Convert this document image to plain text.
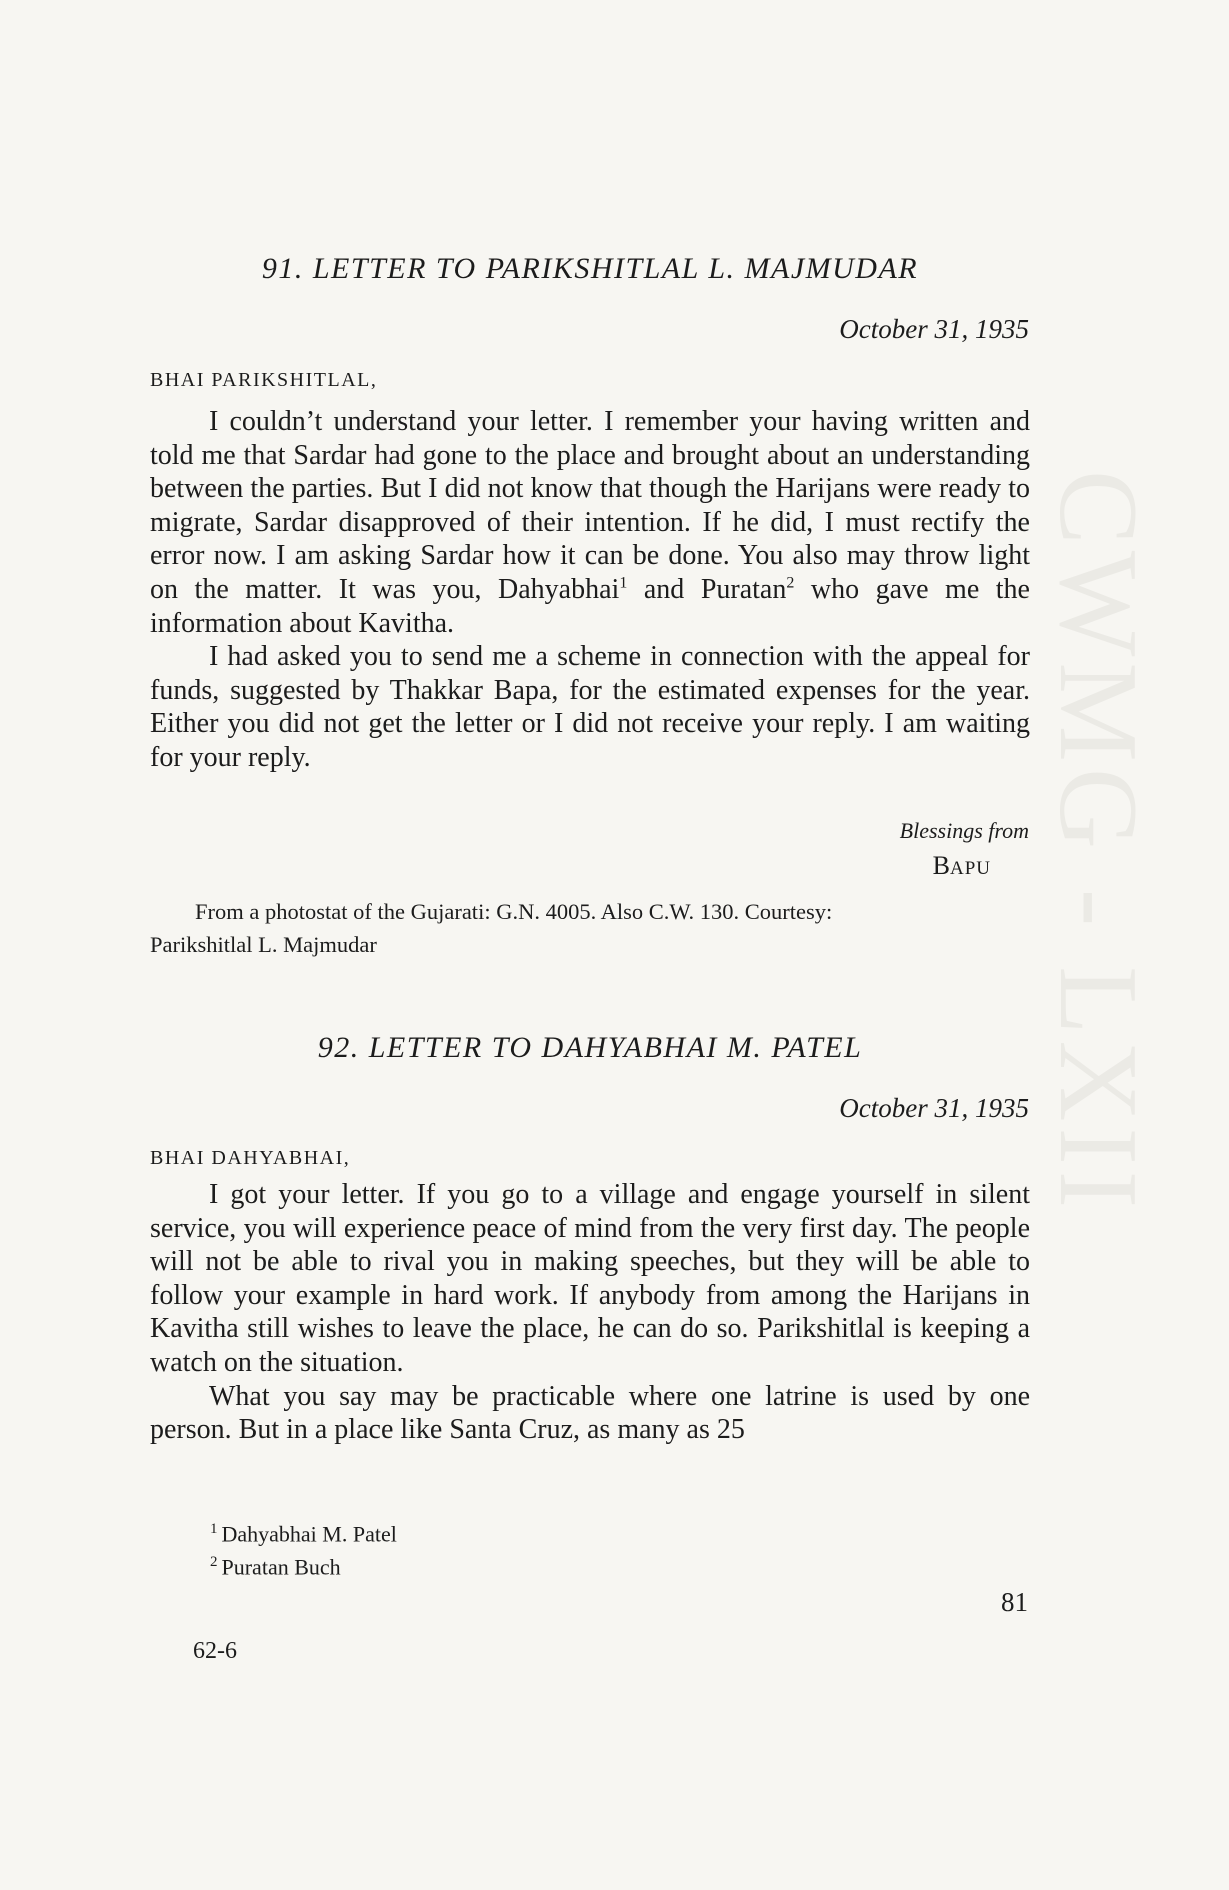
CWMG - LXII
91. LETTER TO PARIKSHITLAL L. MAJMUDAR
October 31, 1935
BHAI PARIKSHITLAL,

I couldn’t understand your letter. I remember your having written and told me that Sardar had gone to the place and brought about an understanding between the parties. But I did not know that though the Harijans were ready to migrate, Sardar disapproved of their intention. If he did, I must rectify the error now. I am asking Sardar how it can be done. You also may throw light on the matter. It was you, Dahyabhai$^1$ and Puratan$^2$ who gave me the information about Kavitha.

I had asked you to send me a scheme in connection with the appeal for funds, suggested by Thakkar Bapa, for the estimated expenses for the year. Either you did not get the letter or I did not receive your reply. I am waiting for your reply.

Blessings from
BAPU
From a photostat of the Gujarati: G.N. 4005. Also C.W. 130. Courtesy:
Parikshitlal L. Majmudar
92. LETTER TO DAHYABHAI M. PATEL
October 31, 1935
BHAI DAHYABHAI,

I got your letter. If you go to a village and engage yourself in silent service, you will experience peace of mind from the very first day. The people will not be able to rival you in making speeches, but they will be able to follow your example in hard work. If anybody from among the Harijans in Kavitha still wishes to leave the place, he can do so. Parikshitlal is keeping a watch on the situation.

What you say may be practicable where one latrine is used by one person. But in a place like Santa Cruz, as many as 25

$^1$ Dahyabhai M. Patel
$^2$ Puratan Buch
81
62-6
